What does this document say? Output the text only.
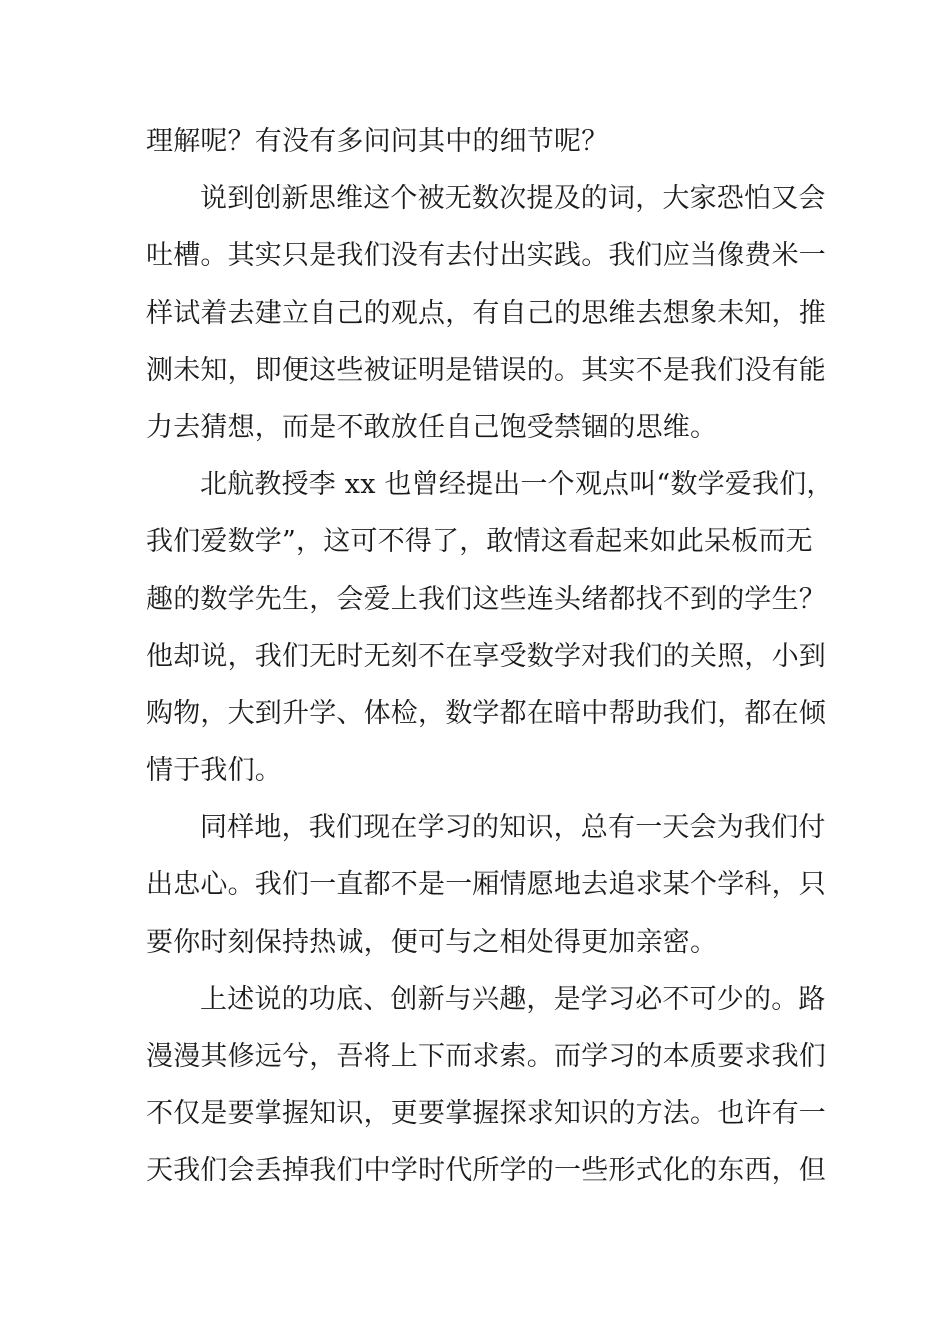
理解呢？有没有多问问其中的细节呢？
说到创新思维这个被无数次提及的词，大家恐怕又会
吐槽。其实只是我们没有去付出实践。我们应当像费米一
样试着去建立自己的观点，有自己的思维去想象未知，推
测未知，即便这些被证明是错误的。其实不是我们没有能
力去猜想，而是不敢放任自己饱受禁锢的思维。
北航教授李 xx 也曾经提出一个观点叫“数学爱我们，
我们爱数学”，这可不得了，敢情这看起来如此呆板而无
趣的数学先生，会爱上我们这些连头绪都找不到的学生？
他却说，我们无时无刻不在享受数学对我们的关照，小到
购物，大到升学、体检，数学都在暗中帮助我们，都在倾
情于我们。
同样地，我们现在学习的知识，总有一天会为我们付
出忠心。我们一直都不是一厢情愿地去追求某个学科，只
要你时刻保持热诚，便可与之相处得更加亲密。
上述说的功底、创新与兴趣，是学习必不可少的。路
漫漫其修远兮，吾将上下而求索。而学习的本质要求我们
不仅是要掌握知识，更要掌握探求知识的方法。也许有一
天我们会丢掉我们中学时代所学的一些形式化的东西，但
